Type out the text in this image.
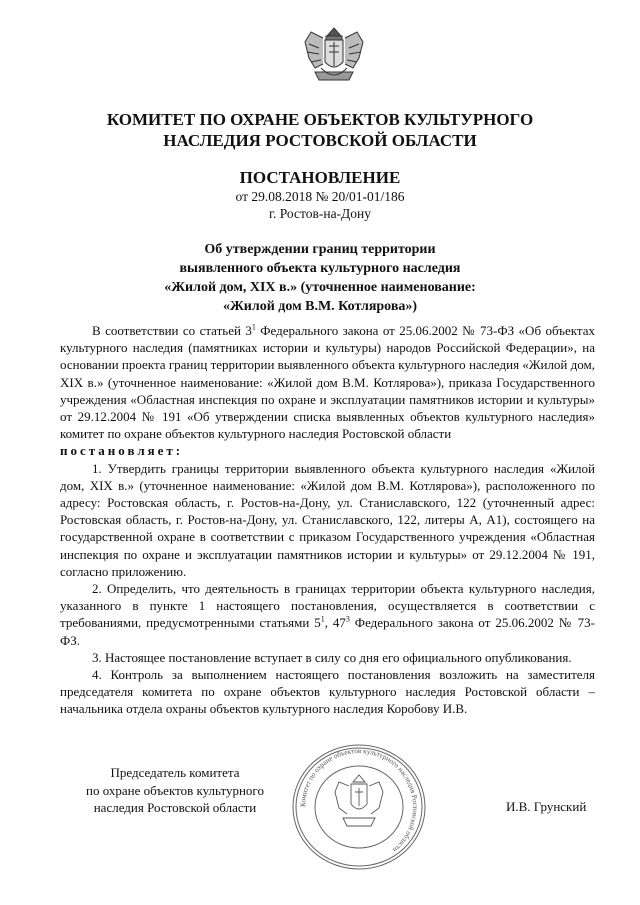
КОМИТЕТ ПО ОХРАНЕ ОБЪЕКТОВ КУЛЬТУРНОГО
НАСЛЕДИЯ РОСТОВСКОЙ ОБЛАСТИ
ПОСТАНОВЛЕНИЕ
от 29.08.2018 № 20/01-01/186
г. Ростов-на-Дону
Об утверждении границ территории
выявленного объекта культурного наследия
«Жилой дом, XIX в.» (уточненное наименование:
«Жилой дом В.М. Котлярова»)

В соответствии со статьей $3^1$ Федерального закона от 25.06.2002 № 73-ФЗ «Об объектах культурного наследия (памятниках истории и культуры) народов Российской Федерации», на основании проекта границ территории выявленного объекта культурного наследия «Жилой дом, XIX в.» (уточненное наименование: «Жилой дом В.М. Котлярова»), приказа Государственного учреждения «Областная инспекция по охране и эксплуатации памятников истории и культуры» от 29.12.2004 № 191 «Об утверждении списка выявленных объектов культурного наследия» комитет по охране объектов культурного наследия Ростовской области

постановляет:

1. Утвердить границы территории выявленного объекта культурного наследия «Жилой дом, XIX в.» (уточненное наименование: «Жилой дом В.М. Котлярова»), расположенного по адресу: Ростовская область, г. Ростов-на-Дону, ул. Станиславского, 122 (уточненный адрес: Ростовская область, г. Ростов-на-Дону, ул. Станиславского, 122, литеры А, А1), состоящего на государственной охране в соответствии с приказом Государственного учреждения «Областная инспекция по охране и эксплуатации памятников истории и культуры» от 29.12.2004 № 191, согласно приложению.

2. Определить, что деятельность в границах территории объекта культурного наследия, указанного в пункте 1 настоящего постановления, осуществляется в соответствии с требованиями, предусмотренными статьями $5^1$, $47^3$ Федерального закона от 25.06.2002 № 73-ФЗ.

3. Настоящее постановление вступает в силу со дня его официального опубликования.

4. Контроль за выполнением настоящего постановления возложить на заместителя председателя комитета по охране объектов культурного наследия Ростовской области – начальника отдела охраны объектов культурного наследия Коробову И.В.

Председатель комитета
по охране объектов культурного
наследия Ростовской области	Комитет по охране объектов культурного наследия Ростовской области
И.В. Грунский
